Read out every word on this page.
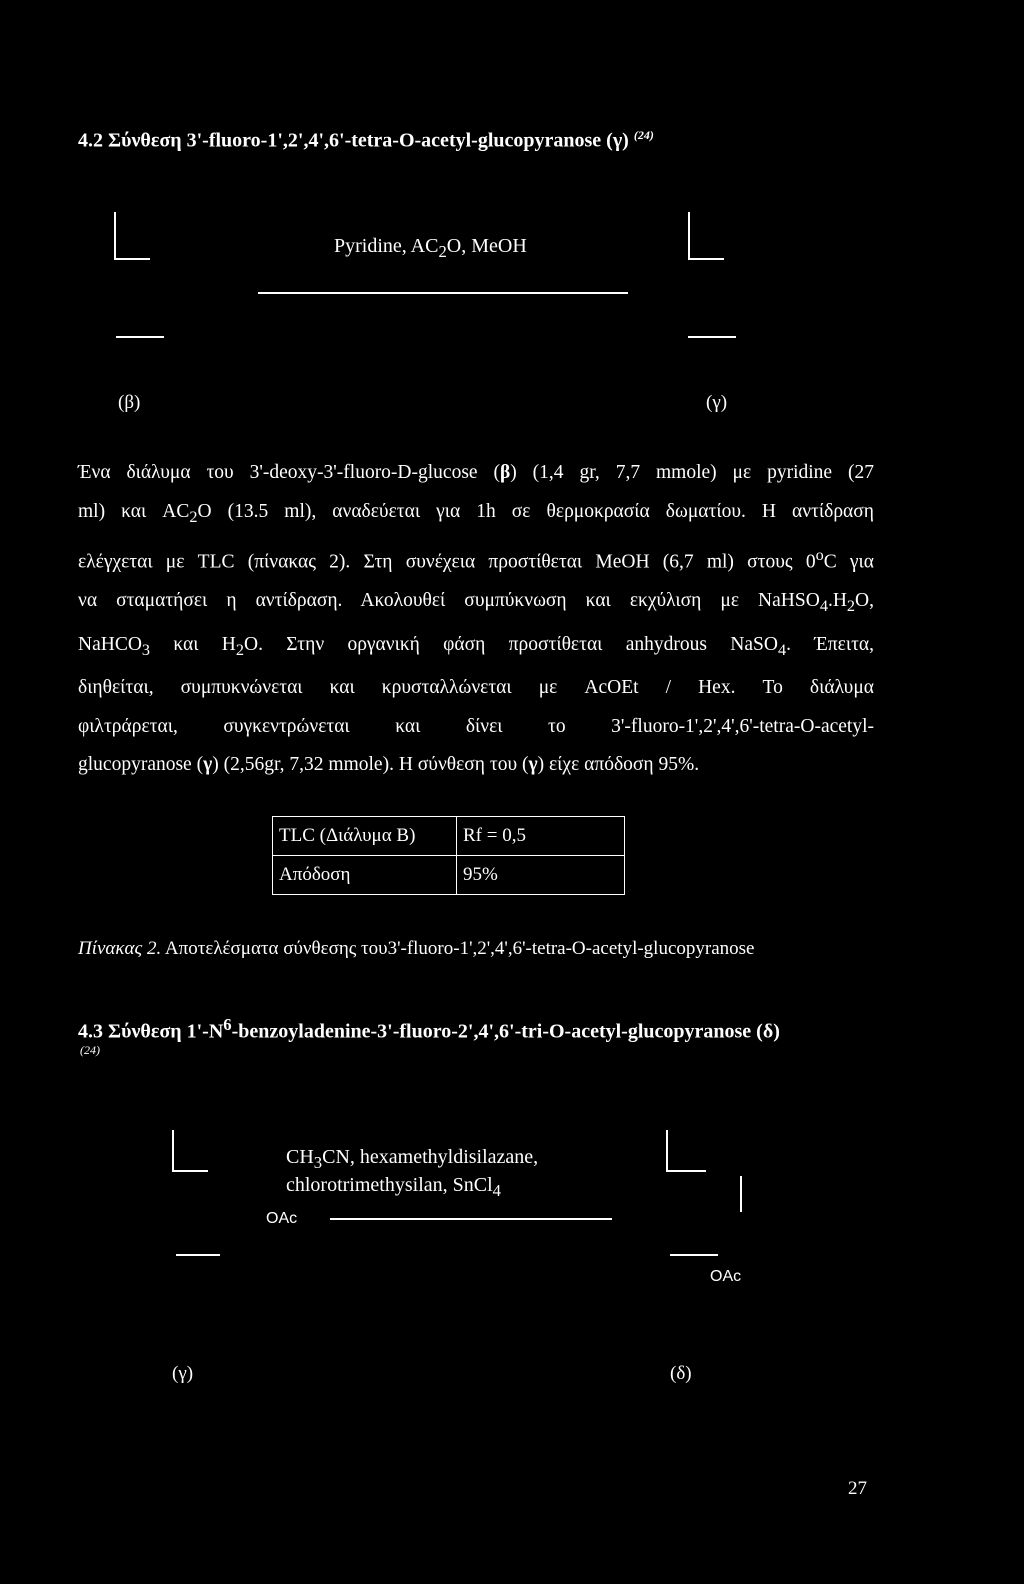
4.2 Σύνθεση 3'-fluoro-1',2',4',6'-tetra-O-acetyl-glucopyranose (γ) $^{(24)}$
Pyridine, $AC_2O$, MeOH
(β)	(γ)
Ένα διάλυμα του 3'-deoxy-3'-fluoro-D-glucose (β) (1,4 gr, 7,7 mmole) με pyridine (27
ml) και $AC_2O$ (13.5 ml), αναδεύεται για 1h σε θερμοκρασία δωματίου. Η αντίδραση
ελέγχεται με TLC (πίνακας 2). Στη συνέχεια προστίθεται MeOH (6,7 ml) στους 0$^o$C για
να σταματήσει η αντίδραση. Ακολουθεί συμπύκνωση και εκχύλιση με $NaHSO_4.H_2O$,
NaHCO$_3$ και $H_2O$. Στην οργανική φάση προστίθεται anhydrous NaSO$_4$. Έπειτα,
διηθείται, συμπυκνώνεται και κρυσταλλώνεται με AcOEt / Hex. Το διάλυμα
φιλτράρεται, συγκεντρώνεται και δίνει το 3'-fluoro-1',2',4',6'-tetra-O-acetyl-
glucopyranose (γ) (2,56gr, 7,32 mmole). Η σύνθεση του (γ) είχε απόδοση 95%.
TLC (Διάλυμα B)	Rf = 0,5
Απόδοση	95%
Πίνακας 2. Αποτελέσματα σύνθεσης του3'-fluoro-1',2',4',6'-tetra-O-acetyl-glucopyranose
4.3 Σύνθεση $1'-N^6-benzoyladenine-3'-fluoro-2',4',6'-tri-O-acetyl$-glucopyranose (δ)
(24)
$CH_3CN$, hexamethyldisilazane,
chlorotrimethysilan, SnCl$_4$
OAc
OAc
(γ)	(δ)
27
